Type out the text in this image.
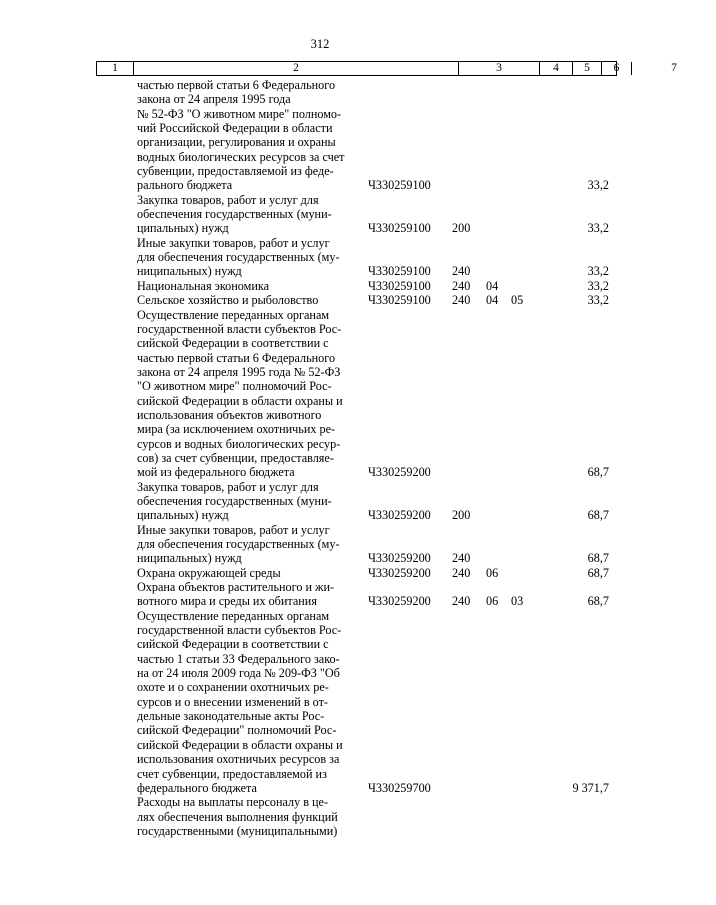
312
1	2	3	4	5	6	7
частью первой статьи 6 Федерального
закона от 24 апреля 1995 года
№ 52-ФЗ "О животном мире" полномо-
чий Российской Федерации в области
организации, регулирования и охраны
водных биологических ресурсов за счет
субвенции, предоставляемой из феде-
рального бюджета	Ч330259100	33,2
Закупка товаров, работ и услуг для
обеспечения государственных (муни-
ципальных) нужд	Ч330259100 200	33,2
Иные закупки товаров, работ и услуг
для обеспечения государственных (му-
ниципальных) нужд	Ч330259100 240	33,2
Национальная экономика	Ч330259100 240 04	33,2
Сельское хозяйство и рыболовство	Ч330259100 240 04 05	33,2
Осуществление переданных органам
государственной власти субъектов Рос-
сийской Федерации в соответствии с
частью первой статьи 6 Федерального
закона от 24 апреля 1995 года № 52-ФЗ
"О животном мире" полномочий Рос-
сийской Федерации в области охраны и
использования объектов животного
мира (за исключением охотничьих ре-
сурсов и водных биологических ресур-
сов) за счет субвенции, предоставляе-
мой из федерального бюджета	Ч330259200	68,7
Закупка товаров, работ и услуг для
обеспечения государственных (муни-
ципальных) нужд	Ч330259200 200	68,7
Иные закупки товаров, работ и услуг
для обеспечения государственных (му-
ниципальных) нужд	Ч330259200 240	68,7
Охрана окружающей среды	Ч330259200 240 06	68,7
Охрана объектов растительного и жи-
вотного мира и среды их обитания	Ч330259200 240 06 03	68,7
Осуществление переданных органам
государственной власти субъектов Рос-
сийской Федерации в соответствии с
частью 1 статьи 33 Федерального зако-
на от 24 июля 2009 года № 209-ФЗ "Об
охоте и о сохранении охотничьих ре-
сурсов и о внесении изменений в от-
дельные законодательные акты Рос-
сийской Федерации" полномочий Рос-
сийской Федерации в области охраны и
использования охотничьих ресурсов за
счет субвенции, предоставляемой из
федерального бюджета	Ч330259700	9 371,7
Расходы на выплаты персоналу в це-
лях обеспечения выполнения функций
государственными (муниципальными)
